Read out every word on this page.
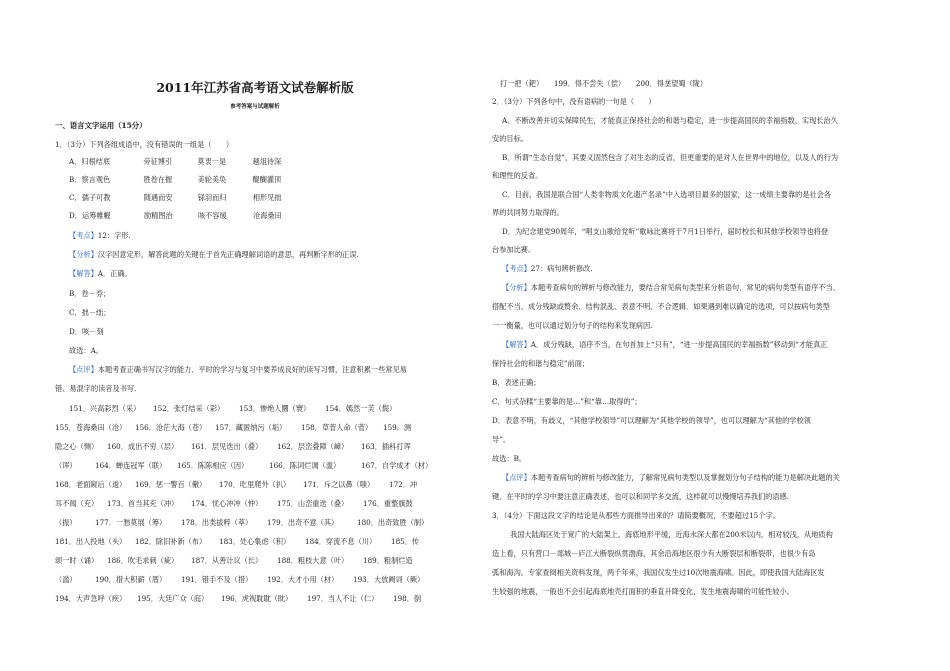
2011年江苏省高考语文试卷解析版
参考答案与试题解析
一、语言文字运用（15分）
1．（3分）下列各组成语中，没有错误的一组是（　　）
A．归根结底	旁征博引	莫衷一是	越俎待深
B．察言观色	胜卷在握	美轮美奂	醍醐灌顶
C．孺子可教	随遇而安	铩羽而归	相形见拙
D．运筹帷幄	励精图治	咳不容缓	沧海桑田
【考点】12：字形.
【分析】汉字因意定形，解答此题的关键在于首先正确理解词语的意思，再判断字形的正误.
【解答】A．正确。
B．卷－券；
C．拙－绌；
D．咳－刻
故选：A。
【点评】本题考查正确书写汉字的能力．平时的学习与复习中要养成良好的读写习惯，注意积累一些常见易
错、易混字的读音及书写.
151．兴高彩烈（采） 152．张灯结采（彩） 153．惨绝人圜（寰） 154．嫣然一芙（鬓）
155．苍海桑田（沧） 156．沧茫大海（苍） 157．藏匿纳污（垢） 158．草菅人命（菅） 159．测
隐之心（恻） 160．成出不穷（层） 161．层见迭出（叠） 162．层峦叠障（嶂） 163．插科打诨
（诨）	164．蝉连冠军（联） 165．陈陈相应（因）	166．陈词烂调（滥）	167．自学成才（材）
168．老面窥后（逡） 169．惩一警百（儆） 170．吃里爬外（扒） 171．斥之以鼻（嗤） 172．冲
耳不闻（充） 173．首当其充（冲） 174．忧心冲冲（忡） 175．山峦重迭（叠） 176．重整旗鼓
（振）	177．一愁莫展（筹） 178．出类拔粹（萃） 179．出奇不意（其）	180．出奇致胜（制）
181．出人投地（头） 182．除旧补新（布） 183．处心集虑（积） 184．穿流不息（川） 185．传
颂一时（诵） 186．吹毛求刺（疵） 187．从善计议（长） 188．粗枝大意（叶） 189．粗制烂造
（滥）	190．措大积薪（厝） 191．错手不及（措） 192．大才小用（材） 193．大放阙词（厥）
194．大声急呼（疾） 195．大廷广众（庭） 196．虎视耽耽（眈） 197．当人不让（仁） 198．倒
打一把（耙）　　199．得不尝失（偿）　　200．得垄望蜀（陇）
2．（3分）下列各句中，没有语病的一句是（　　）
A．不断改善并切实保障民生，才能真正保持社会的和谐与稳定，进一步提高国民的幸福指数，实现长治久
安的目标。
B．所谓“生态自觉”，其要义固然包含了对生态的反省，但更重要的是对人在世界中的地位，以及人的行为
和理性的反省。
C．目前，我国是联合国“人类非物质文化遗产名录”中入选项目最多的国家，这一成绩主要靠的是社会各
界的共同努力取得的。
D．为纪念建党90周年，“唱支山歌给党听”歌咏比赛将于7月1日举行，届时校长和其他学校领导也将登
台参加比赛。
【考点】27：病句辨析修改.
【分析】本题考查病句的辨析与修改能力，要结合常见病句类型来分析语句．常见的病句类型有语序不当、
搭配不当、成分残缺或赘余、结构混乱、表意不明、不合逻辑．如果遇到难以确定的选项，可以按病句类型
一一衡量，也可以通过划分句子的结构来发现病因.
【解答】A．成分残缺，语序不当，在句首加上“只有”，“进一步提高国民的幸福指数”移动到“才能真正
保持社会的和谐与稳定”前面；
B．表述正确；
C．句式杂糅“主要靠的是…”和“靠…取得的”；
D．表意不明，有歧义，“其他学校领导”可以理解为“其他学校的领导”，也可以理解为“其他的学校领
导”。
故选：B。
【点评】本题考查病句的辨析与修改能力，了解常见病句类型以及掌握划分句子结构的能力是解决此题的关
键．在平时的学习中要注意正确表述，也可以和同学多交流，这样就可以慢慢培养我们的语感.
3．（4分）下面这段文字的结论是从那些方面推导出来的？请简要概况，不要超过15个字。
我国大陆海区处于宽广的大陆架上，海底地形平缓，近海水深大都在200米以内，相对较浅，从地质构
造上看，只有营口－郯城－庐江大断裂纵贯渤海，其余沿海地区很少有大断裂层和断裂带，也很少有岛
弧和海沟。专家查阅相关资料发现，两千年来，我国仅发生过10次地震海啸。因此，即使我国大陆海区发
生较强的地震，一般也不会引起海底地壳打面积的垂直升降变化，发生地震海啸的可能性较小。
